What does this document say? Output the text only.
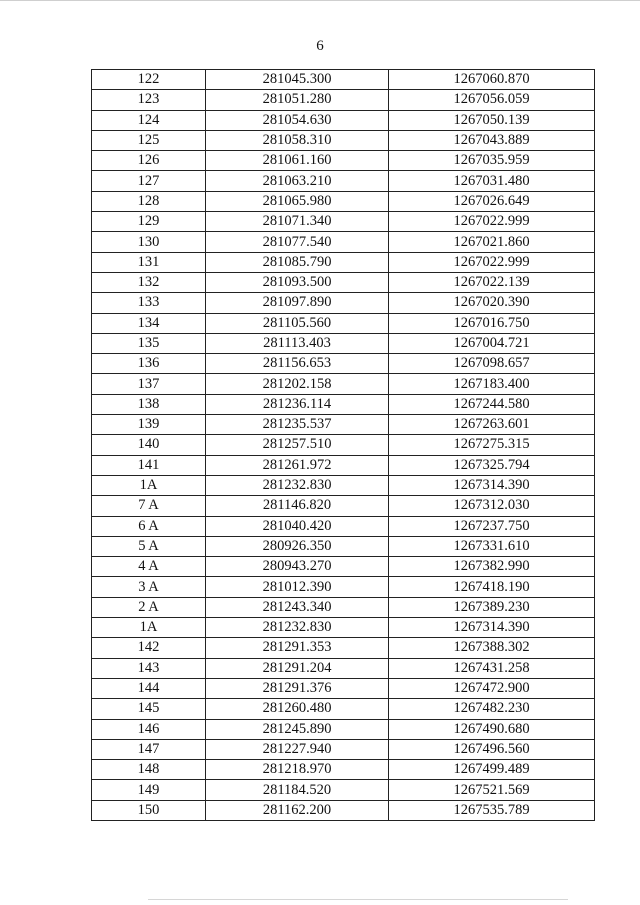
6
122	281045.300	1267060.870
123	281051.280	1267056.059
124	281054.630	1267050.139
125	281058.310	1267043.889
126	281061.160	1267035.959
127	281063.210	1267031.480
128	281065.980	1267026.649
129	281071.340	1267022.999
130	281077.540	1267021.860
131	281085.790	1267022.999
132	281093.500	1267022.139
133	281097.890	1267020.390
134	281105.560	1267016.750
135	281113.403	1267004.721
136	281156.653	1267098.657
137	281202.158	1267183.400
138	281236.114	1267244.580
139	281235.537	1267263.601
140	281257.510	1267275.315
141	281261.972	1267325.794
1A	281232.830	1267314.390
7 A	281146.820	1267312.030
6 A	281040.420	1267237.750
5 A	280926.350	1267331.610
4 A	280943.270	1267382.990
3 A	281012.390	1267418.190
2 A	281243.340	1267389.230
1A	281232.830	1267314.390
142	281291.353	1267388.302
143	281291.204	1267431.258
144	281291.376	1267472.900
145	281260.480	1267482.230
146	281245.890	1267490.680
147	281227.940	1267496.560
148	281218.970	1267499.489
149	281184.520	1267521.569
150	281162.200	1267535.789
